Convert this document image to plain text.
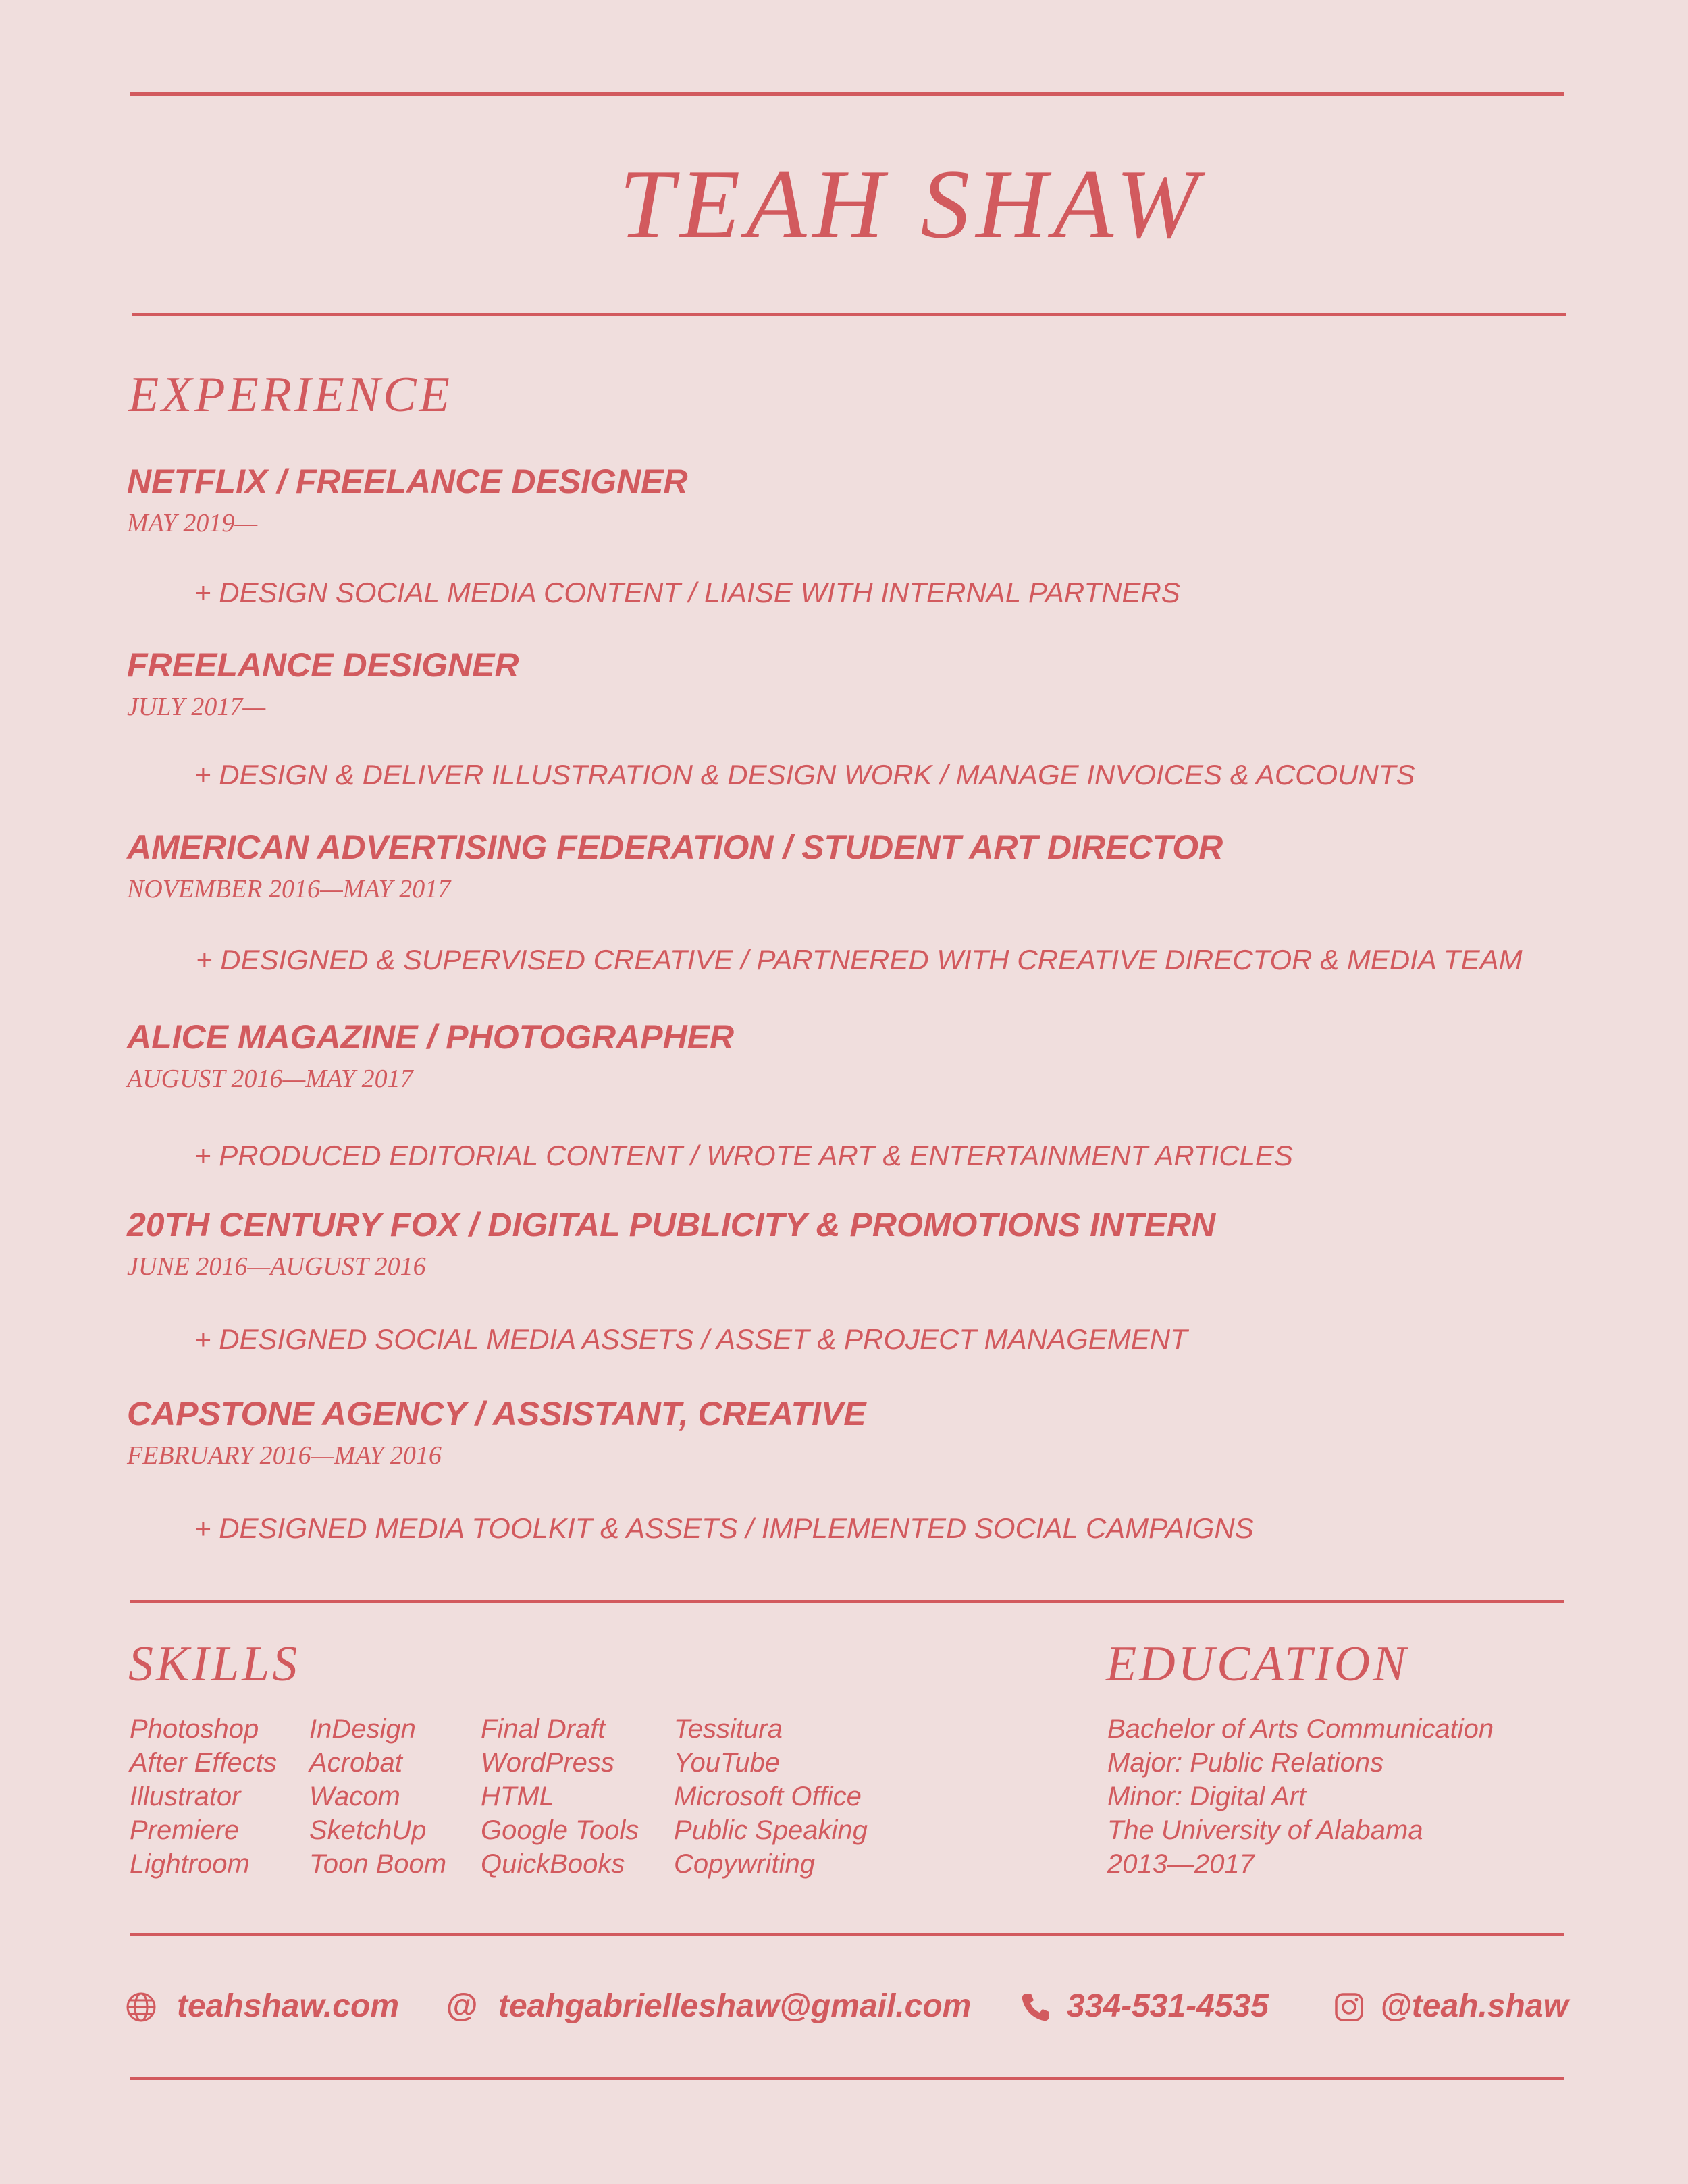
TEAH SHAW
EXPERIENCE
NETFLIX / FREELANCE DESIGNER
MAY 2019—
+ DESIGN SOCIAL MEDIA CONTENT / LIAISE WITH INTERNAL PARTNERS
FREELANCE DESIGNER
JULY 2017—
+ DESIGN & DELIVER ILLUSTRATION & DESIGN WORK / MANAGE INVOICES & ACCOUNTS
AMERICAN ADVERTISING FEDERATION / STUDENT ART DIRECTOR
NOVEMBER 2016—MAY 2017
+ DESIGNED & SUPERVISED CREATIVE / PARTNERED WITH CREATIVE DIRECTOR & MEDIA TEAM
ALICE MAGAZINE / PHOTOGRAPHER
AUGUST 2016—MAY 2017
+ PRODUCED EDITORIAL CONTENT / WROTE ART & ENTERTAINMENT ARTICLES
20TH CENTURY FOX / DIGITAL PUBLICITY & PROMOTIONS INTERN
JUNE 2016—AUGUST 2016
+ DESIGNED SOCIAL MEDIA ASSETS / ASSET & PROJECT MANAGEMENT
CAPSTONE AGENCY / ASSISTANT, CREATIVE
FEBRUARY 2016—MAY 2016
+ DESIGNED MEDIA TOOLKIT & ASSETS / IMPLEMENTED SOCIAL CAMPAIGNS
SKILLS
Photoshop
After Effects
Illustrator
Premiere
Lightroom
InDesign
Acrobat
Wacom
SketchUp
Toon Boom
Final Draft
WordPress
HTML
Google Tools
QuickBooks
Tessitura
YouTube
Microsoft Office
Public Speaking
Copywriting
EDUCATION
Bachelor of Arts Communication
Major: Public Relations
Minor: Digital Art
The University of Alabama
2013—2017
teahshaw.com @ teahgabrielleshaw@gmail.com	334-531-4535	@teah.shaw
